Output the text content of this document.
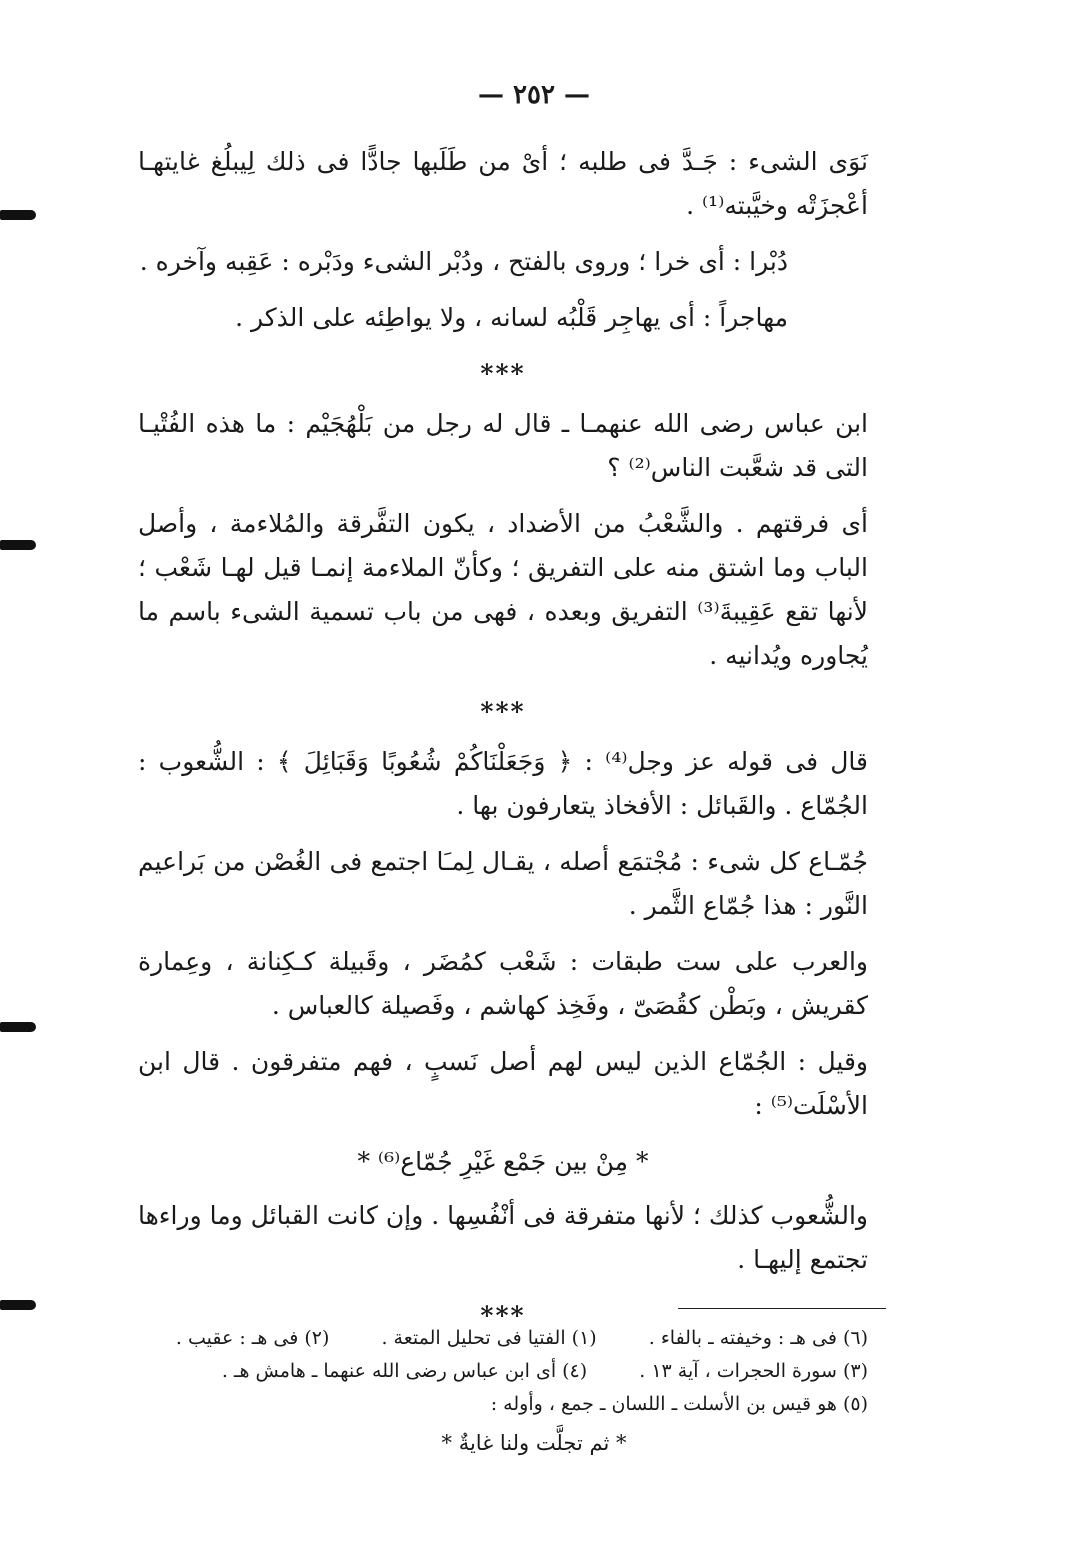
— ٢٥٢ —

نَوَى الشىء : جَـدَّ فى طلبه ؛ أىْ من طَلَبها جادًّا فى ذلك لِيبلُغ غايتهـا أعْجزَتْه وخيَّبته⁽¹⁾ .

دُبْرا : أى خرا ؛ وروى بالفتح ، ودُبْر الشىء ودَبْره : عَقِبه وآخره .

مهاجراً : أى يهاجِر قَلْبُه لسانه ، ولا يواطِئه على الذكر .

***

ابن عباس رضى الله عنهمـا ـ قال له رجل من بَلْهُجَيْم : ما هذه الفُتْيـا التى قد شعَّبت الناس⁽²⁾ ؟

أى فرقتهم . والشَّعْبُ من الأضداد ، يكون التفَّرقة والمُلاءمة ، وأصل الباب وما اشتق منه على التفريق ؛ وكأنّ الملاءمة إنمـا قيل لهـا شَعْب ؛ لأنها تقع عَقِيبةَ⁽³⁾ التفريق وبعده ، فهى من باب تسمية الشىء باسم ما يُجاوره ويُدانيه .

***

قال فى قوله عز وجل⁽⁴⁾ : ﴿ وَجَعَلْنَاكُمْ شُعُوبًا وَقَبَائِلَ ﴾ : الشُّعوب : الجُمّاع . والقَبائل : الأفخاذ يتعارفون بها .

جُمّـاع كل شىء : مُجْتمَع أصله ، يقـال لِمـَا اجتمع فى الغُصْن من بَراعيم النَّور : هذا جُمّاع الثَّمر .

والعرب على ست طبقات : شَعْب كمُضَر ، وقَبيلة كـكِنانة ، وعِمارة كقريش ، وبَطْن كقُصَىّ ، وفَخِذ كهاشم ، وفَصيلة كالعباس .

وقيل : الجُمّاع الذين ليس لهم أصل نَسبٍ ، فهم متفرقون . قال ابن الأسْلَت⁽⁵⁾ :

* مِنْ بين جَمْع غَيْرِ جُمّاع⁽⁶⁾ *

والشُّعوب كذلك ؛ لأنها متفرقة فى أنْفُسِها . وإن كانت القبائل وما وراءها تجتمع إليهـا .

***

(٦) فى هـ : وخيفته ـ بالفاء . (١) الفتيا فى تحليل المتعة . (٢) فى هـ : عقيب .

(٣) سورة الحجرات ، آية ١٣ . (٤) أى ابن عباس رضى الله عنهما ـ هامش هـ .

(٥) هو قيس بن الأسلت ـ اللسان ـ جمع ، وأوله :

* ثم تجلَّت ولنا غايةٌ *
